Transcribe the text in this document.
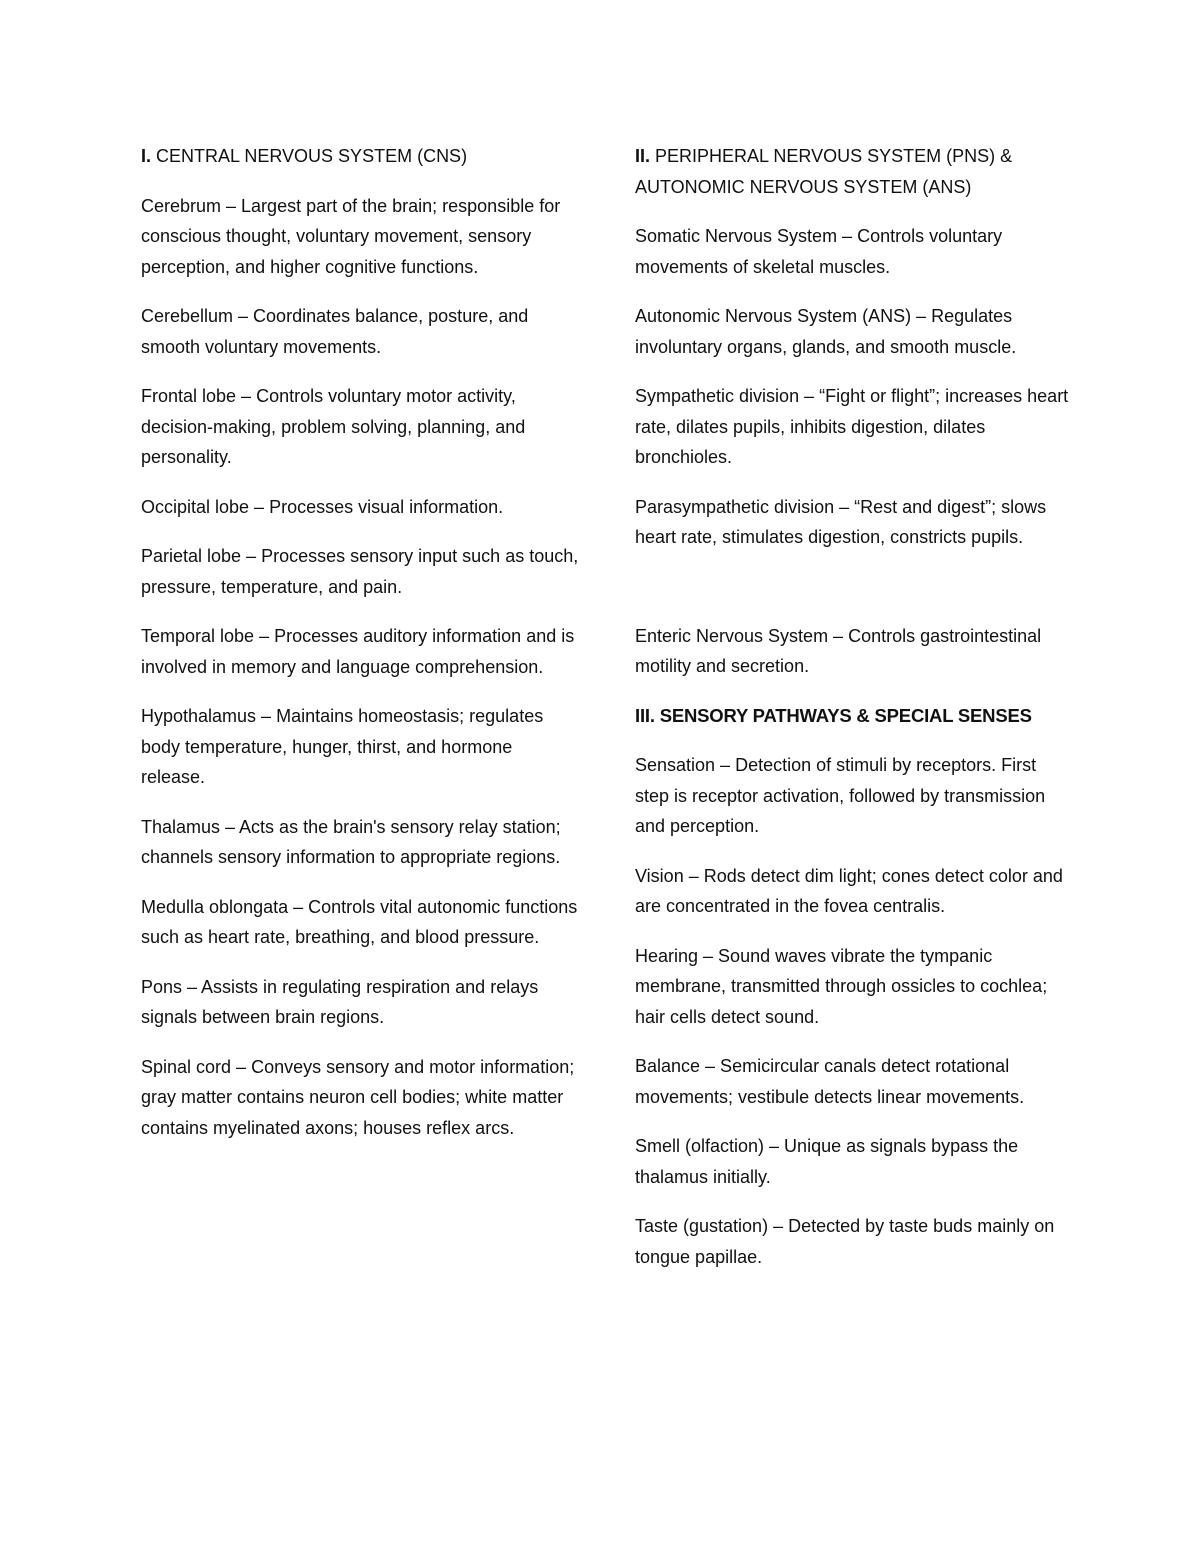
I. CENTRAL NERVOUS SYSTEM (CNS)

Cerebrum – Largest part of the brain; responsible for conscious thought, voluntary movement, sensory perception, and higher cognitive functions.

Cerebellum – Coordinates balance, posture, and smooth voluntary movements.

Frontal lobe – Controls voluntary motor activity, decision-making, problem solving, planning, and personality.

Occipital lobe – Processes visual information.

Parietal lobe – Processes sensory input such as touch, pressure, temperature, and pain.

Temporal lobe – Processes auditory information and is involved in memory and language comprehension.

Hypothalamus – Maintains homeostasis; regulates body temperature, hunger, thirst, and hormone release.

Thalamus – Acts as the brain's sensory relay station; channels sensory information to appropriate regions.

Medulla oblongata – Controls vital autonomic functions such as heart rate, breathing, and blood pressure.

Pons – Assists in regulating respiration and relays signals between brain regions.

Spinal cord – Conveys sensory and motor information; gray matter contains neuron cell bodies; white matter contains myelinated axons; houses reflex arcs.

II. PERIPHERAL NERVOUS SYSTEM (PNS) & AUTONOMIC NERVOUS SYSTEM (ANS)

Somatic Nervous System – Controls voluntary movements of skeletal muscles.

Autonomic Nervous System (ANS) – Regulates involuntary organs, glands, and smooth muscle.

Sympathetic division – “Fight or flight”; increases heart rate, dilates pupils, inhibits digestion, dilates bronchioles.

Parasympathetic division – “Rest and digest”; slows heart rate, stimulates digestion, constricts pupils.

Enteric Nervous System – Controls gastrointestinal motility and secretion.

III. SENSORY PATHWAYS & SPECIAL SENSES

Sensation – Detection of stimuli by receptors. First step is receptor activation, followed by transmission and perception.

Vision – Rods detect dim light; cones detect color and are concentrated in the fovea centralis.

Hearing – Sound waves vibrate the tympanic membrane, transmitted through ossicles to cochlea; hair cells detect sound.

Balance – Semicircular canals detect rotational movements; vestibule detects linear movements.

Smell (olfaction) – Unique as signals bypass the thalamus initially.

Taste (gustation) – Detected by taste buds mainly on tongue papillae.
